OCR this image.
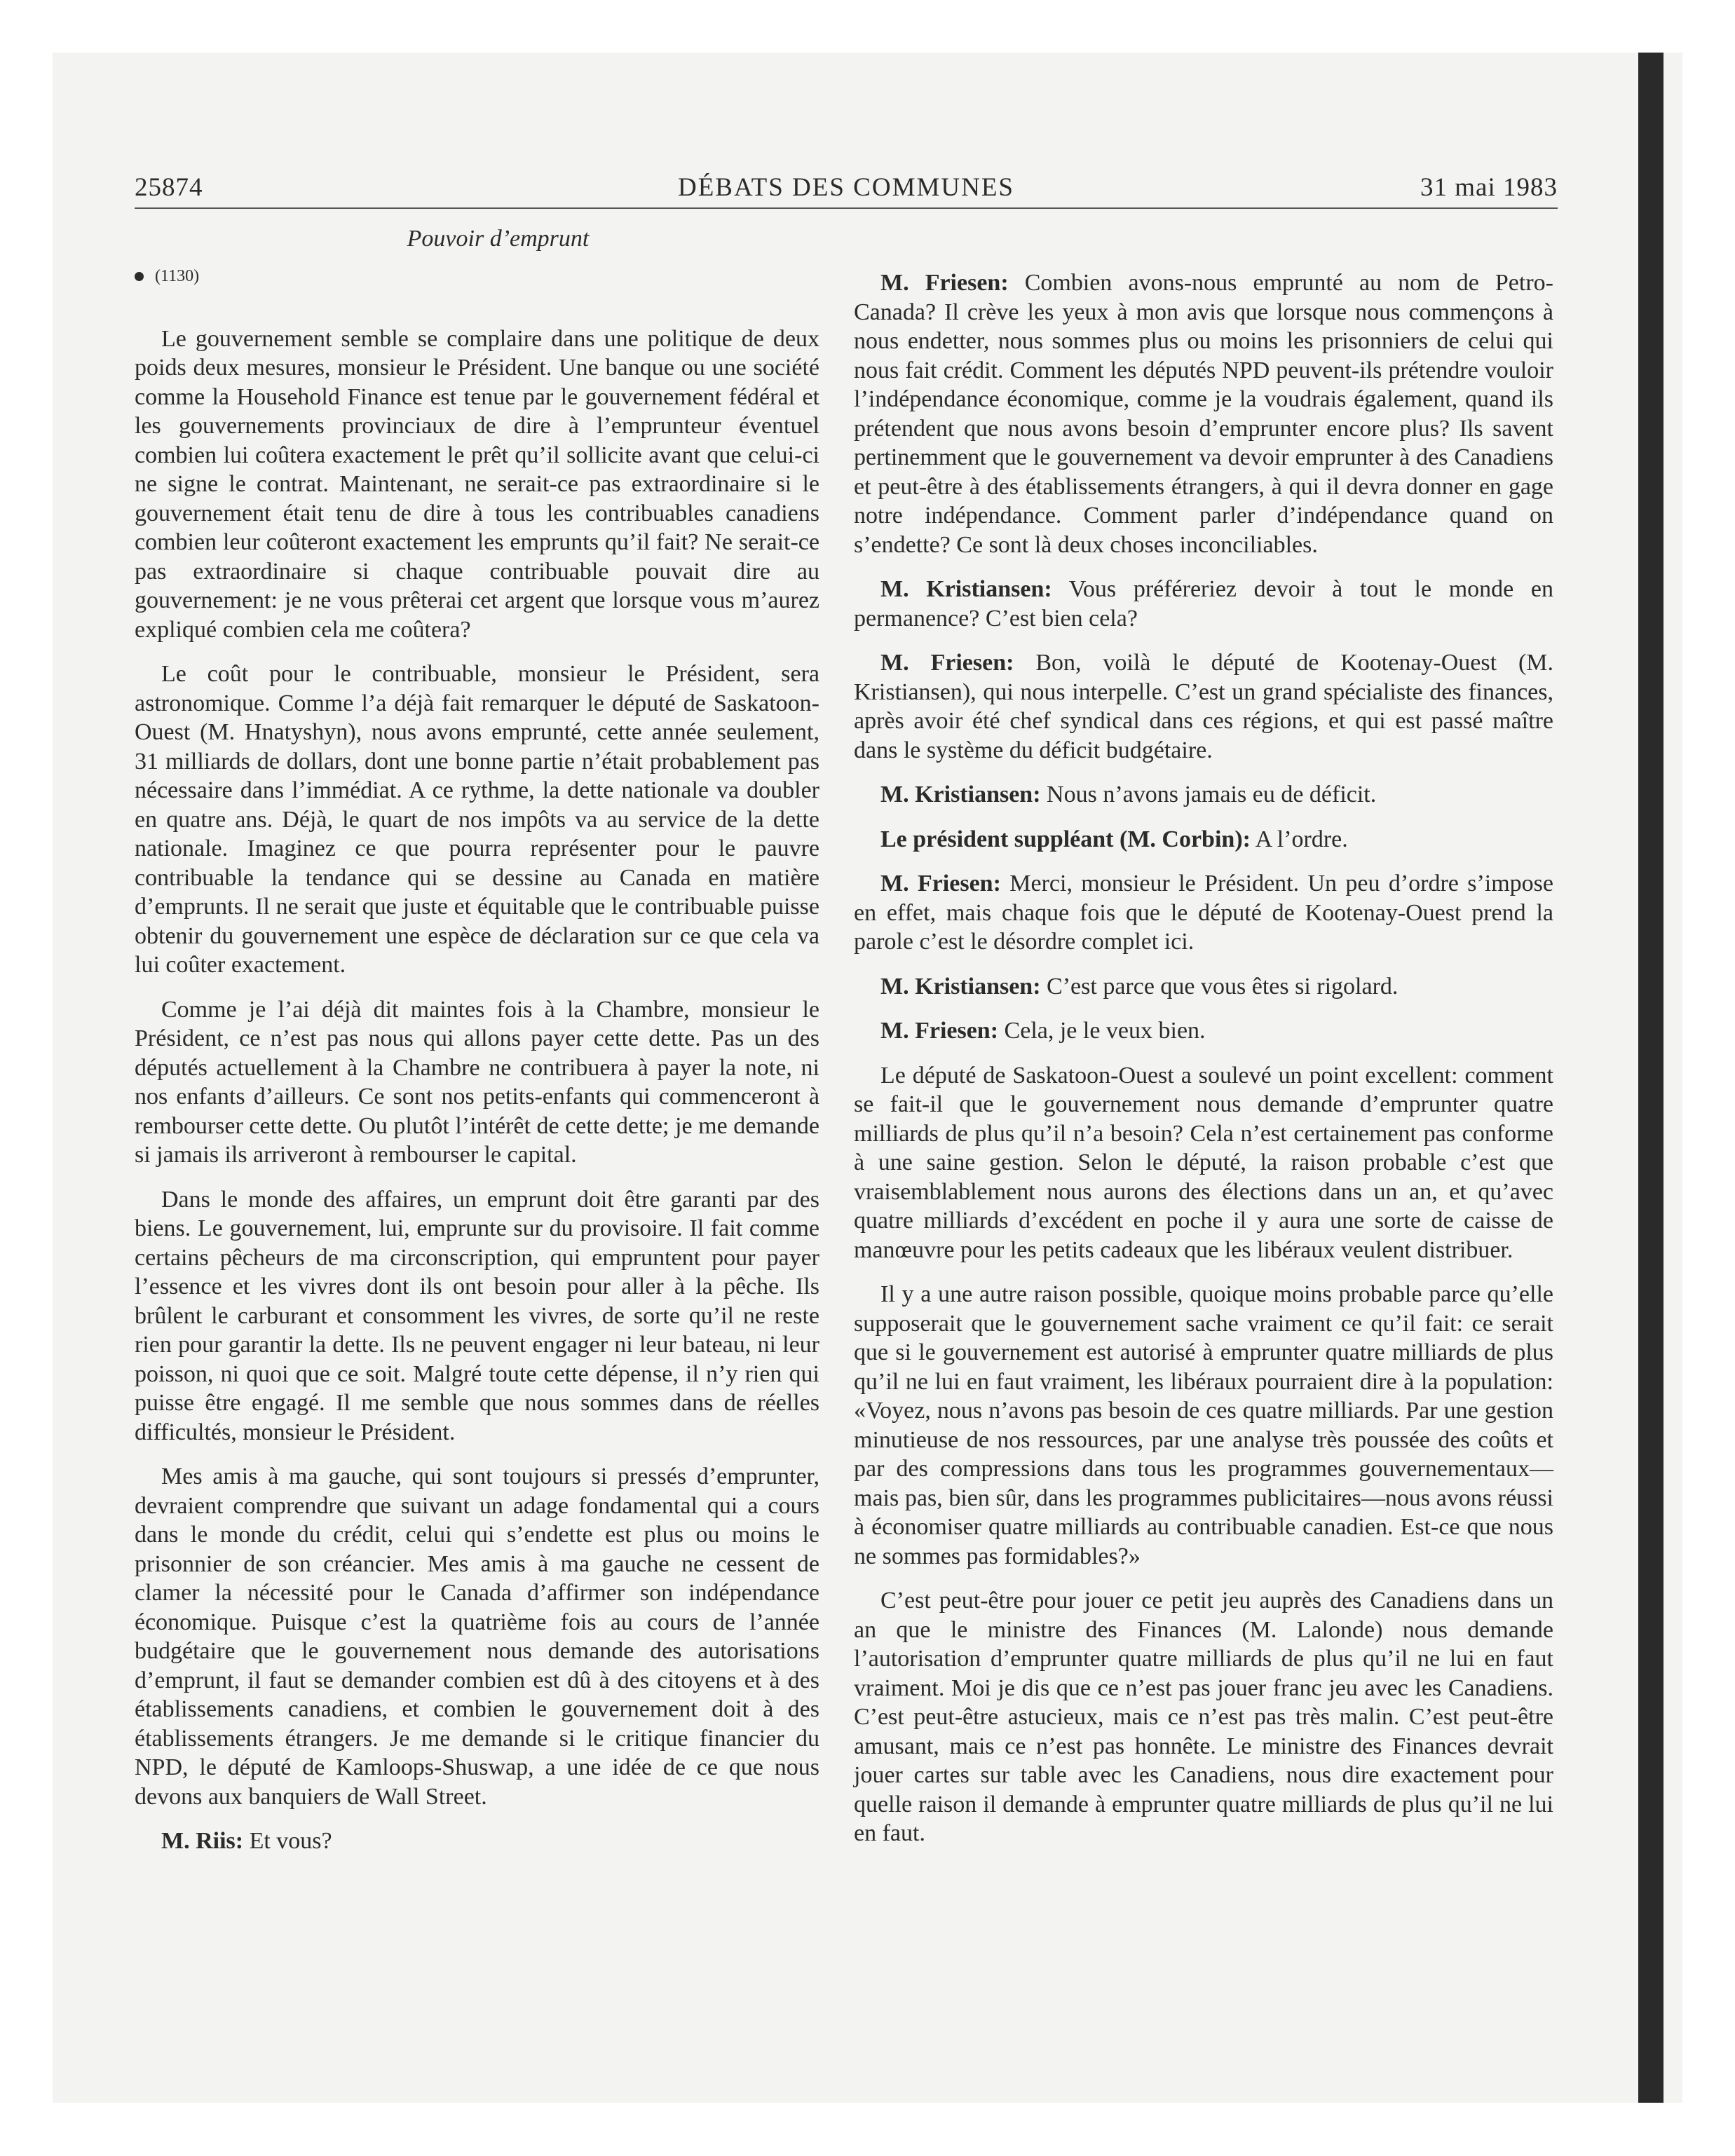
25874	DÉBATS DES COMMUNES	31 mai 1983
Pouvoir d’emprunt
(1130)

Le gouvernement semble se complaire dans une politique de deux poids deux mesures, monsieur le Président. Une banque ou une société comme la Household Finance est tenue par le gouvernement fédéral et les gouvernements provinciaux de dire à l’emprunteur éventuel combien lui coûtera exactement le prêt qu’il sollicite avant que celui-ci ne signe le contrat. Maintenant, ne serait-ce pas extraordinaire si le gouvernement était tenu de dire à tous les contribuables canadiens combien leur coûteront exactement les emprunts qu’il fait? Ne serait-ce pas extraordinaire si chaque contribuable pouvait dire au gouvernement: je ne vous prêterai cet argent que lorsque vous m’aurez expliqué combien cela me coûtera?

Le coût pour le contribuable, monsieur le Président, sera astronomique. Comme l’a déjà fait remarquer le député de Saskatoon-Ouest (M. Hnatyshyn), nous avons emprunté, cette année seulement, 31 milliards de dollars, dont une bonne partie n’était probablement pas nécessaire dans l’immédiat. A ce rythme, la dette nationale va doubler en quatre ans. Déjà, le quart de nos impôts va au service de la dette nationale. Imaginez ce que pourra représenter pour le pauvre contribuable la tendance qui se dessine au Canada en matière d’emprunts. Il ne serait que juste et équitable que le contribuable puisse obtenir du gouvernement une espèce de déclaration sur ce que cela va lui coûter exactement.

Comme je l’ai déjà dit maintes fois à la Chambre, monsieur le Président, ce n’est pas nous qui allons payer cette dette. Pas un des députés actuellement à la Chambre ne contribuera à payer la note, ni nos enfants d’ailleurs. Ce sont nos petits-enfants qui commenceront à rembourser cette dette. Ou plutôt l’intérêt de cette dette; je me demande si jamais ils arriveront à rembourser le capital.

Dans le monde des affaires, un emprunt doit être garanti par des biens. Le gouvernement, lui, emprunte sur du provisoire. Il fait comme certains pêcheurs de ma circonscription, qui empruntent pour payer l’essence et les vivres dont ils ont besoin pour aller à la pêche. Ils brûlent le carburant et consomment les vivres, de sorte qu’il ne reste rien pour garantir la dette. Ils ne peuvent engager ni leur bateau, ni leur poisson, ni quoi que ce soit. Malgré toute cette dépense, il n’y rien qui puisse être engagé. Il me semble que nous sommes dans de réelles difficultés, monsieur le Président.

Mes amis à ma gauche, qui sont toujours si pressés d’emprunter, devraient comprendre que suivant un adage fondamental qui a cours dans le monde du crédit, celui qui s’endette est plus ou moins le prisonnier de son créancier. Mes amis à ma gauche ne cessent de clamer la nécessité pour le Canada d’affirmer son indépendance économique. Puisque c’est la quatrième fois au cours de l’année budgétaire que le gouvernement nous demande des autorisations d’emprunt, il faut se demander combien est dû à des citoyens et à des établissements canadiens, et combien le gouvernement doit à des établissements étrangers. Je me demande si le critique financier du NPD, le député de Kamloops-Shuswap, a une idée de ce que nous devons aux banquiers de Wall Street.

M. Riis: Et vous?

M. Friesen: Combien avons-nous emprunté au nom de Petro-Canada? Il crève les yeux à mon avis que lorsque nous commençons à nous endetter, nous sommes plus ou moins les prisonniers de celui qui nous fait crédit. Comment les députés NPD peuvent-ils prétendre vouloir l’indépendance économique, comme je la voudrais également, quand ils prétendent que nous avons besoin d’emprunter encore plus? Ils savent pertinemment que le gouvernement va devoir emprunter à des Canadiens et peut-être à des établissements étrangers, à qui il devra donner en gage notre indépendance. Comment parler d’indépendance quand on s’endette? Ce sont là deux choses inconciliables.

M. Kristiansen: Vous préféreriez devoir à tout le monde en permanence? C’est bien cela?

M. Friesen: Bon, voilà le député de Kootenay-Ouest (M. Kristiansen), qui nous interpelle. C’est un grand spécialiste des finances, après avoir été chef syndical dans ces régions, et qui est passé maître dans le système du déficit budgétaire.

M. Kristiansen: Nous n’avons jamais eu de déficit.

Le président suppléant (M. Corbin): A l’ordre.

M. Friesen: Merci, monsieur le Président. Un peu d’ordre s’impose en effet, mais chaque fois que le député de Kootenay-Ouest prend la parole c’est le désordre complet ici.

M. Kristiansen: C’est parce que vous êtes si rigolard.

M. Friesen: Cela, je le veux bien.

Le député de Saskatoon-Ouest a soulevé un point excellent: comment se fait-il que le gouvernement nous demande d’emprunter quatre milliards de plus qu’il n’a besoin? Cela n’est certainement pas conforme à une saine gestion. Selon le député, la raison probable c’est que vraisemblablement nous aurons des élections dans un an, et qu’avec quatre milliards d’excédent en poche il y aura une sorte de caisse de manœuvre pour les petits cadeaux que les libéraux veulent distribuer.

Il y a une autre raison possible, quoique moins probable parce qu’elle supposerait que le gouvernement sache vraiment ce qu’il fait: ce serait que si le gouvernement est autorisé à emprunter quatre milliards de plus qu’il ne lui en faut vraiment, les libéraux pourraient dire à la population: «Voyez, nous n’avons pas besoin de ces quatre milliards. Par une gestion minutieuse de nos ressources, par une analyse très poussée des coûts et par des compressions dans tous les programmes gouvernementaux—mais pas, bien sûr, dans les programmes publicitaires—nous avons réussi à économiser quatre milliards au contribuable canadien. Est-ce que nous ne sommes pas formidables?»

C’est peut-être pour jouer ce petit jeu auprès des Canadiens dans un an que le ministre des Finances (M. Lalonde) nous demande l’autorisation d’emprunter quatre milliards de plus qu’il ne lui en faut vraiment. Moi je dis que ce n’est pas jouer franc jeu avec les Canadiens. C’est peut-être astucieux, mais ce n’est pas très malin. C’est peut-être amusant, mais ce n’est pas honnête. Le ministre des Finances devrait jouer cartes sur table avec les Canadiens, nous dire exactement pour quelle raison il demande à emprunter quatre milliards de plus qu’il ne lui en faut.
